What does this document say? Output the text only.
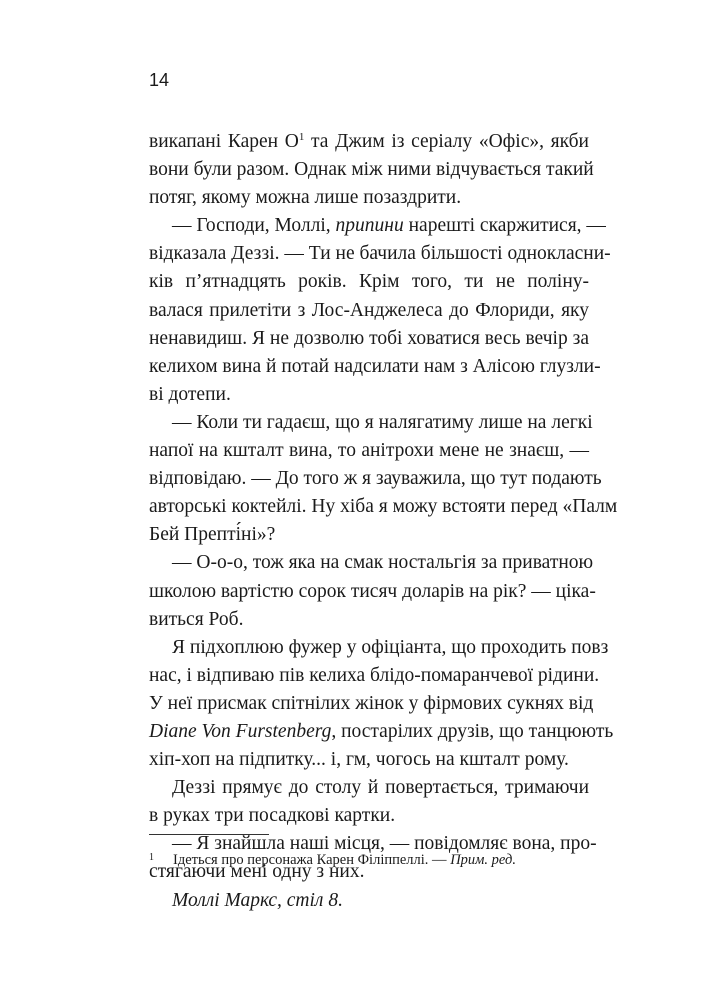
14
викапані Карен $О^1$ та Джим із серіалу «Офіс», якби
вони були разом. Однак між ними відчувається такий
потяг, якому можна лише позаздрити.
— Господи, Моллі, припини нарешті скаржитися, —
відказала Деззі. — Ти не бачила більшості однокласни-
ків п’ятнадцять років. Крім того, ти не поліну-
валася прилетіти з Лос-Анджелеса до Флориди, яку
ненавидиш. Я не дозволю тобі ховатися весь вечір за
келихом вина й потай надсилати нам з Алісою глузли-
ві дотепи.
— Коли ти гадаєш, що я налягатиму лише на легкі
напої на кшталт вина, то анітрохи мене не знаєш, —
відповідаю. — До того ж я зауважила, що тут подають
авторські коктейлі. Ну хіба я можу встояти перед «Палм
Бей Препті́ні»?
— О-о-о, тож яка на смак ностальгія за приватною
школою вартістю сорок тисяч доларів на рік? — ціка-
виться Роб.
Я підхоплюю фужер у офіціанта, що проходить повз
нас, і відпиваю пів келиха блідо-помаранчевої рідини.
У неї присмак спітнілих жінок у фірмових сукнях від
Diane Von Furstenberg, постарілих друзів, що танцюють
хіп-хоп на підпитку... і, гм, чогось на кшталт рому.
Деззі прямує до столу й повертається, тримаючи
в руках три посадкові картки.
— Я знайшла наші місця, — повідомляє вона, про-
стягаючи мені одну з них.
Моллі Маркс, стіл 8.
1 Ідеться про персонажа Карен Філіппеллі. — Прим. ред.
